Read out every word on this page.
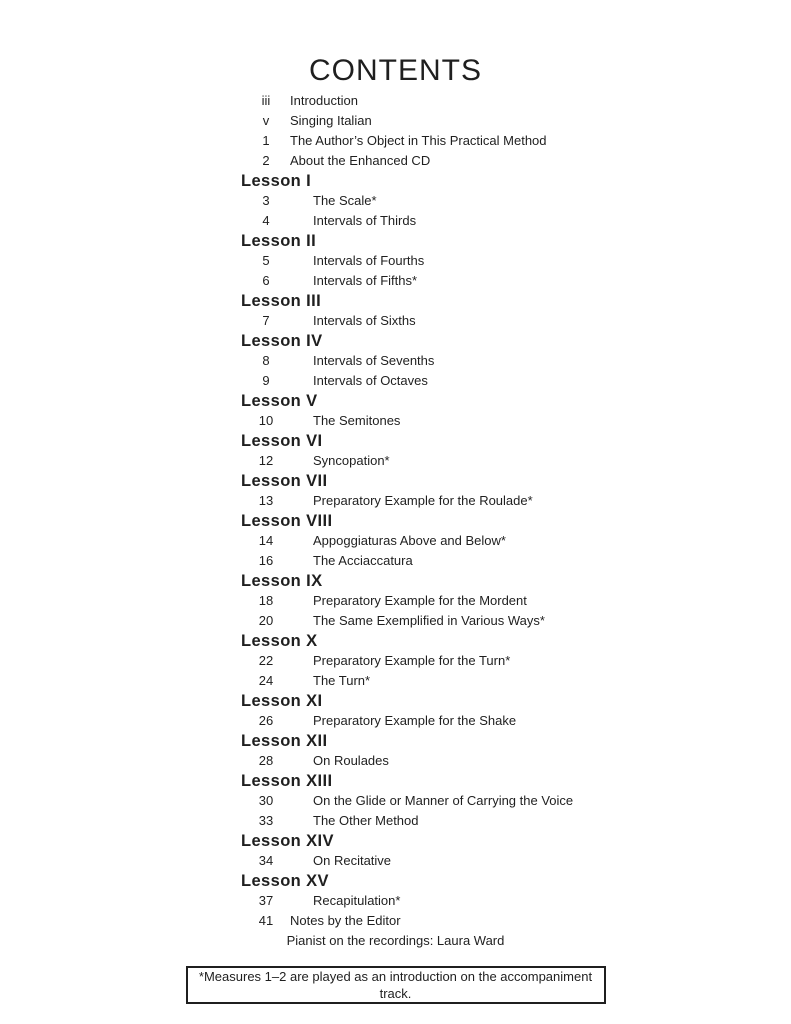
CONTENTS
iii	Introduction
v	Singing Italian
1	The Author’s Object in This Practical Method
2	About the Enhanced CD
Lesson I
3	The Scale*
4	Intervals of Thirds
Lesson II
5	Intervals of Fourths
6	Intervals of Fifths*
Lesson III
7	Intervals of Sixths
Lesson IV
8	Intervals of Sevenths
9	Intervals of Octaves
Lesson V
10	The Semitones
Lesson VI
12	Syncopation*
Lesson VII
13	Preparatory Example for the Roulade*
Lesson VIII
14	Appoggiaturas Above and Below*
16	The Acciaccatura
Lesson IX
18	Preparatory Example for the Mordent
20	The Same Exemplified in Various Ways*
Lesson X
22	Preparatory Example for the Turn*
24	The Turn*
Lesson XI
26	Preparatory Example for the Shake
Lesson XII
28	On Roulades
Lesson XIII
30	On the Glide or Manner of Carrying the Voice
33	The Other Method
Lesson XIV
34	On Recitative
Lesson XV
37	Recapitulation*
41	Notes by the Editor
Pianist on the recordings: Laura Ward
*Measures 1–2 are played as an introduction on the accompaniment track.
